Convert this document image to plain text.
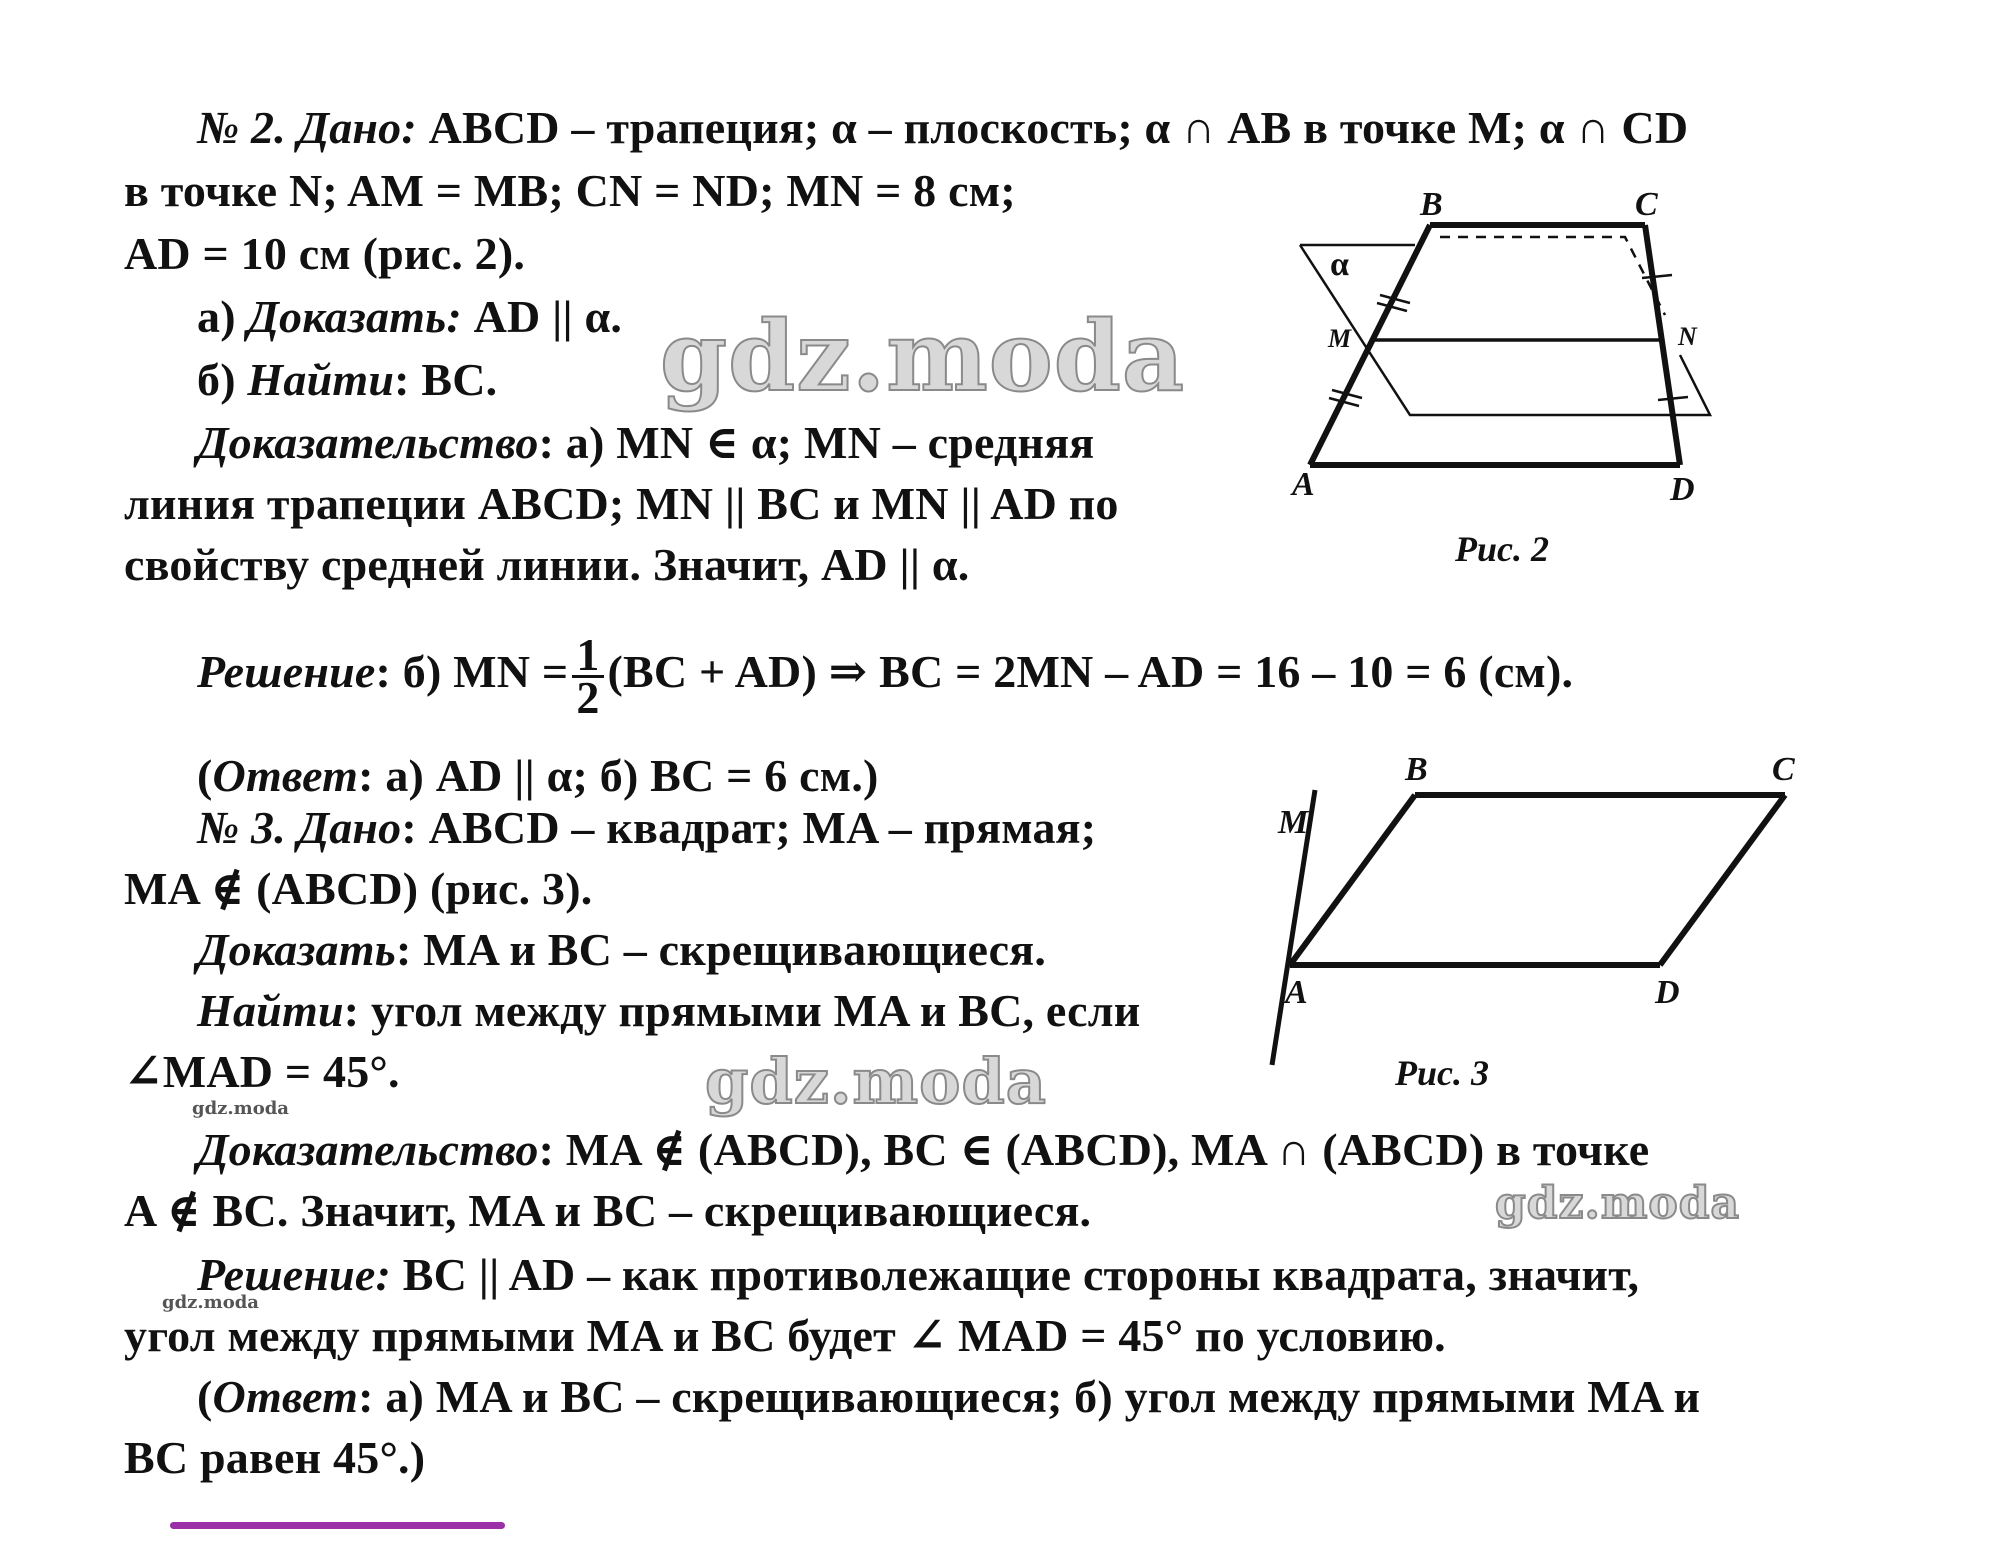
№ 2. Дано: ABCD – трапеция; α – плоскость; α ∩ AB в точке M; α ∩ CD
в точке N; AM = MB; CN = ND; MN = 8 см;
AD = 10 см (рис. 2).
а) Доказать: AD || α.
б) Найти: BC.
Доказательство: а) MN ∈ α; MN – средняя
линия трапеции ABCD; MN || BC и MN || AD по
свойству средней линии. Значит, AD || α.
Решение: б) MN = $\frac{1}{2} (BC + AD)$ ⇒ BC = 2MN – AD = 16 – 10 = 6 (см).
(Ответ: а) AD || α; б) BC = 6 см.)
B	C
A	D
M	N
α
Рис. 2
№ 3. Дано: ABCD – квадрат; MA – прямая;
MA ∉ (ABCD) (рис. 3).
Доказать: MA и BC – скрещивающиеся.
Найти: угол между прямыми MA и BC, если
∠MAD = 45°.
Доказательство: MA ∉ (ABCD), BC ∈ (ABCD), MA ∩ (ABCD) в точке
A ∉ BC. Значит, MA и BC – скрещивающиеся.
Решение: BC || AD – как противолежащие стороны квадрата, значит,
угол между прямыми MA и BC будет ∠ MAD = 45° по условию.
(Ответ: а) MA и BC – скрещивающиеся; б) угол между прямыми MA и
BC равен 45°.)
B	C
A	D
M
Рис. 3
gdz.moda
gdz.moda
gdz.moda
gdz.moda
gdz.moda
